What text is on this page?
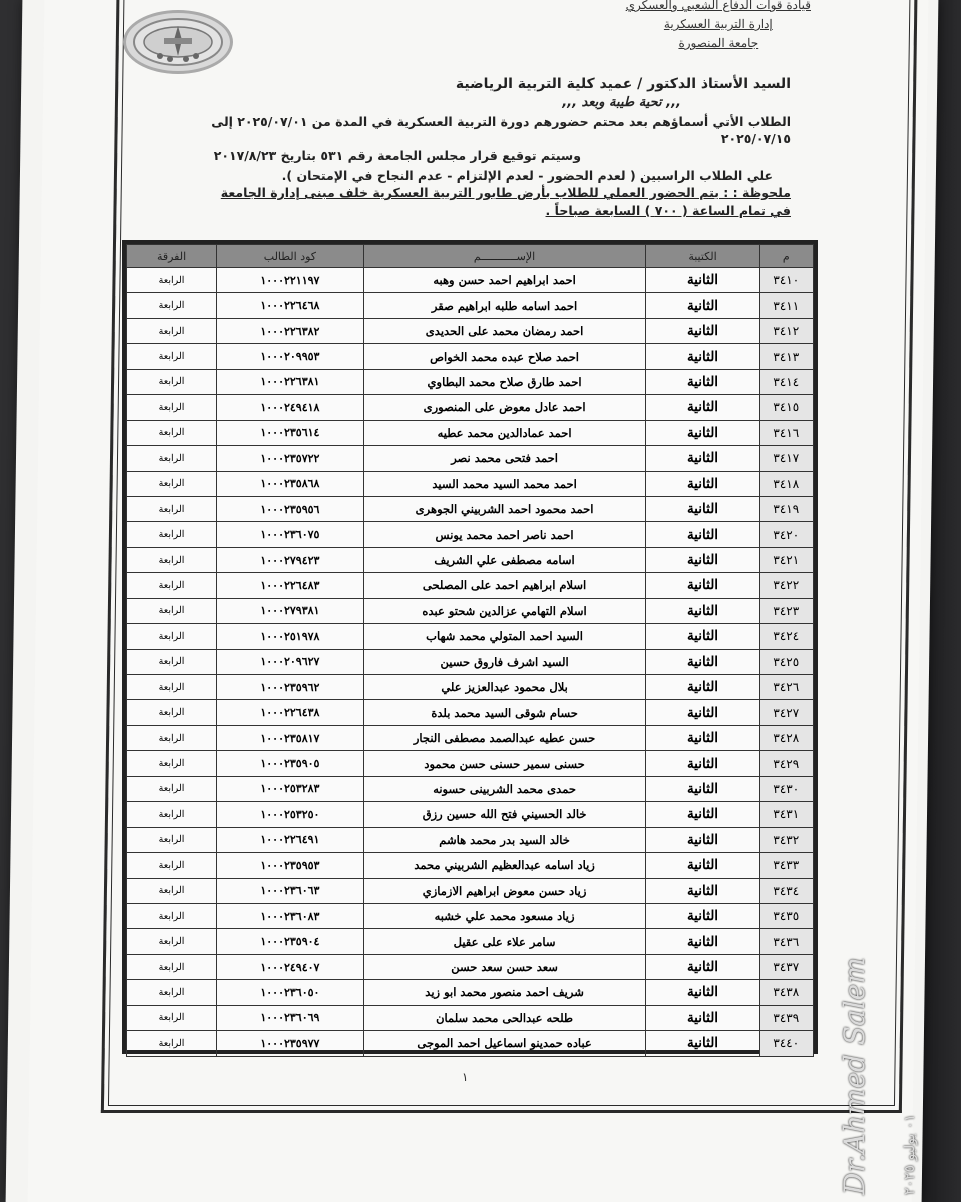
قيادة قوات الدفاع الشعبي والعسكري
إدارة التربية العسكرية
جامعة المنصورة
السيد الأستاذ الدكتور / عميد كلية التربية الرياضية
,,, تحية طيبة وبعد ,,,
الطلاب الأتي أسماؤهم بعد محتم حضورهم دورة التربية العسكرية في المدة من ٢٠٢٥/٠٧/٠١ إلى ٢٠٢٥/٠٧/١٥
وسيتم توقيع قرار مجلس الجامعة رقم ٥٣١ بتاريخ ٢٠١٧/٨/٢٣
علي الطلاب الراسبين ( لعدم الحضور - لعدم الإلتزام - عدم النجاح في الإمتحان ).
ملحوظة : : يتم الحضور العملي للطلاب بأرض طابور التربية العسكرية خلف مبنى إدارة الجامعة
في تمام الساعة ( ٧٠٠ ) السابعة صباحاً .
م	الكتيبة	الإســـــــــــم	كود الطالب	الفرقة
٣٤١٠	الثانية	احمد ابراهيم احمد حسن وهبه	١٠٠٠٢٢١١٩٧	الرابعة
٣٤١١	الثانية	احمد اسامه طلبه ابراهيم صقر	١٠٠٠٢٢٦٤٦٨	الرابعة
٣٤١٢	الثانية	احمد رمضان محمد على الحديدى	١٠٠٠٢٢٦٣٨٢	الرابعة
٣٤١٣	الثانية	احمد صلاح عبده محمد الخواص	١٠٠٠٢٠٩٩٥٣	الرابعة
٣٤١٤	الثانية	احمد طارق صلاح محمد البطاوي	١٠٠٠٢٢٦٣٨١	الرابعة
٣٤١٥	الثانية	احمد عادل معوض على المنصورى	١٠٠٠٢٤٩٤١٨	الرابعة
٣٤١٦	الثانية	احمد عمادالدين محمد عطيه	١٠٠٠٢٣٥٦١٤	الرابعة
٣٤١٧	الثانية	احمد فتحى محمد نصر	١٠٠٠٢٣٥٧٢٢	الرابعة
٣٤١٨	الثانية	احمد محمد السيد محمد السيد	١٠٠٠٢٣٥٨٦٨	الرابعة
٣٤١٩	الثانية	احمد محمود احمد الشربيني الجوهرى	١٠٠٠٢٣٥٩٥٦	الرابعة
٣٤٢٠	الثانية	احمد ناصر احمد محمد يونس	١٠٠٠٢٣٦٠٧٥	الرابعة
٣٤٢١	الثانية	اسامه مصطفى علي الشريف	١٠٠٠٢٧٩٤٢٣	الرابعة
٣٤٢٢	الثانية	اسلام ابراهيم احمد على المصلحى	١٠٠٠٢٢٦٤٨٣	الرابعة
٣٤٢٣	الثانية	اسلام التهامي عزالدين شحتو عبده	١٠٠٠٢٧٩٣٨١	الرابعة
٣٤٢٤	الثانية	السيد احمد المتولي محمد شهاب	١٠٠٠٢٥١٩٧٨	الرابعة
٣٤٢٥	الثانية	السيد اشرف فاروق حسين	١٠٠٠٢٠٩٦٢٧	الرابعة
٣٤٢٦	الثانية	بلال محمود عبدالعزيز علي	١٠٠٠٢٣٥٩٦٢	الرابعة
٣٤٢٧	الثانية	حسام شوقى السيد محمد بلدة	١٠٠٠٢٢٦٤٣٨	الرابعة
٣٤٢٨	الثانية	حسن عطيه عبدالصمد مصطفى النجار	١٠٠٠٢٣٥٨١٧	الرابعة
٣٤٢٩	الثانية	حسنى سمير حسنى حسن محمود	١٠٠٠٢٣٥٩٠٥	الرابعة
٣٤٣٠	الثانية	حمدى محمد الشربينى حسونه	١٠٠٠٢٥٣٢٨٣	الرابعة
٣٤٣١	الثانية	خالد الحسيني فتح الله حسين رزق	١٠٠٠٢٥٣٢٥٠	الرابعة
٣٤٣٢	الثانية	خالد السيد بدر محمد هاشم	١٠٠٠٢٢٦٤٩١	الرابعة
٣٤٣٣	الثانية	زياد اسامه عبدالعظيم الشربيني محمد	١٠٠٠٢٣٥٩٥٣	الرابعة
٣٤٣٤	الثانية	زياد حسن معوض ابراهيم الازمازي	١٠٠٠٢٣٦٠٦٣	الرابعة
٣٤٣٥	الثانية	زياد مسعود محمد علي خشبه	١٠٠٠٢٣٦٠٨٣	الرابعة
٣٤٣٦	الثانية	سامر علاء على عقيل	١٠٠٠٢٣٥٩٠٤	الرابعة
٣٤٣٧	الثانية	سعد حسن سعد حسن	١٠٠٠٢٤٩٤٠٧	الرابعة
٣٤٣٨	الثانية	شريف احمد منصور محمد ابو زيد	١٠٠٠٢٣٦٠٥٠	الرابعة
٣٤٣٩	الثانية	طلحه عبدالحى محمد سلمان	١٠٠٠٢٣٦٠٦٩	الرابعة
٣٤٤٠	الثانية	عباده حمدينو اسماعيل احمد الموجى	١٠٠٠٢٣٥٩٧٧	الرابعة
١	Dr.Ahmed Salem ٠١ يوليو ٢٠٢٥
